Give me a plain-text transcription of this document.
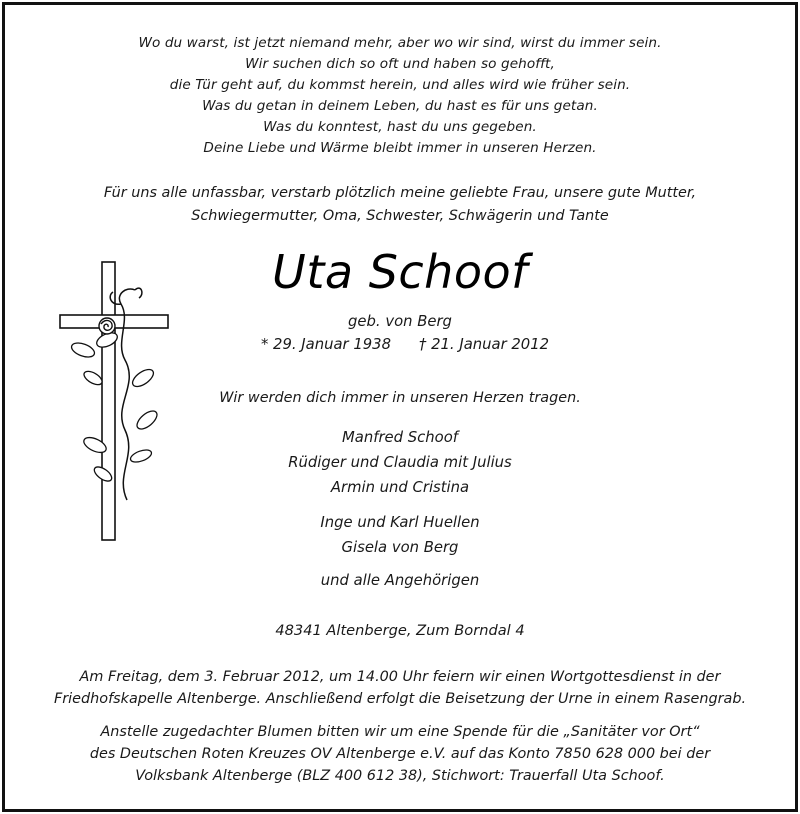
Wo du warst, ist jetzt niemand mehr, aber wo wir sind, wirst du immer sein.
Wir suchen dich so oft und haben so gehofft,
die Tür geht auf, du kommst herein, und alles wird wie früher sein.
Was du getan in deinem Leben, du hast es für uns getan.
Was du konntest, hast du uns gegeben.
Deine Liebe und Wärme bleibt immer in unseren Herzen.
Für uns alle unfassbar, verstarb plötzlich meine geliebte Frau, unsere gute Mutter,
Schwiegermutter, Oma, Schwester, Schwägerin und Tante
Uta Schoof
geb. von Berg
* 29. Januar 1938 † 21. Januar 2012
Wir werden dich immer in unseren Herzen tragen.
Manfred Schoof
Rüdiger und Claudia mit Julius
Armin und Cristina
Inge und Karl Huellen
Gisela von Berg
und alle Angehörigen
48341 Altenberge, Zum Borndal 4
Am Freitag, dem 3. Februar 2012, um 14.00 Uhr feiern wir einen Wortgottesdienst in der
Friedhofskapelle Altenberge. Anschließend erfolgt die Beisetzung der Urne in einem Rasengrab.
Anstelle zugedachter Blumen bitten wir um eine Spende für die „Sanitäter vor Ort“
des Deutschen Roten Kreuzes OV Altenberge e.V. auf das Konto 7850 628 000 bei der
Volksbank Altenberge (BLZ 400 612 38), Stichwort: Trauerfall Uta Schoof.
